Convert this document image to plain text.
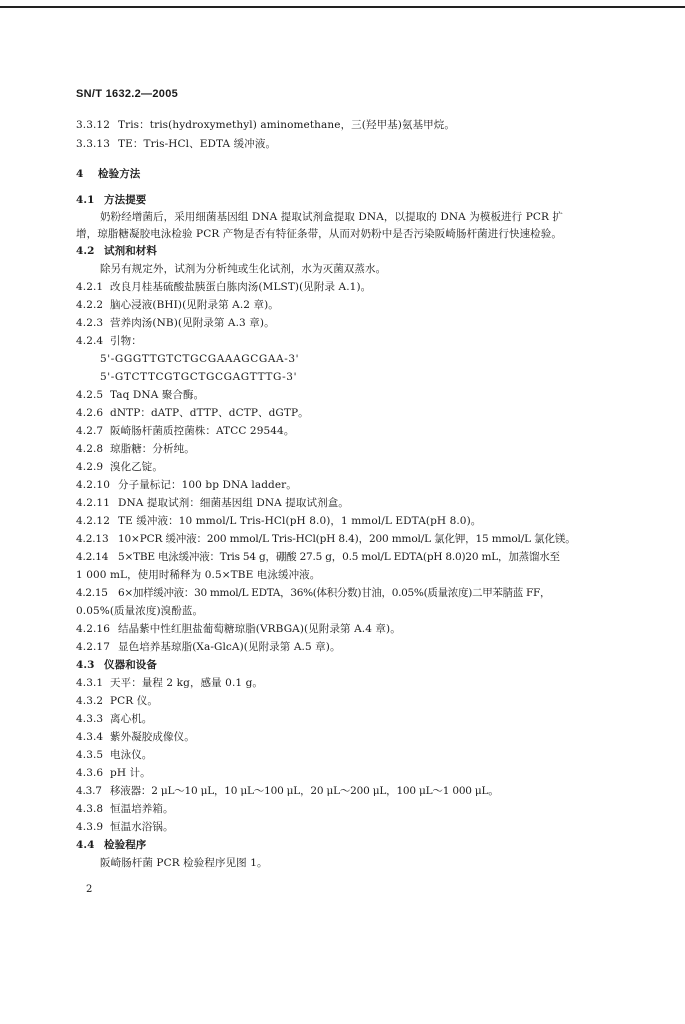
SN/T 1632.2—2005
3.3.12 Tris：tris(hydroxymethyl) aminomethane，三(羟甲基)氨基甲烷。
3.3.13 TE：Tris-HCl、EDTA 缓冲液。
4 检验方法
4.1 方法提要
奶粉经增菌后，采用细菌基因组 DNA 提取试剂盒提取 DNA，以提取的 DNA 为模板进行 PCR 扩
增，琼脂糖凝胶电泳检验 PCR 产物是否有特征条带，从而对奶粉中是否污染阪崎肠杆菌进行快速检验。
4.2 试剂和材料
除另有规定外，试剂为分析纯或生化试剂，水为灭菌双蒸水。
4.2.1 改良月桂基硫酸盐胰蛋白胨肉汤(MLST)(见附录 A.1)。
4.2.2 脑心浸液(BHI)(见附录第 A.2 章)。
4.2.3 营养肉汤(NB)(见附录第 A.3 章)。
4.2.4 引物：
5'-GGGTTGTCTGCGAAAGCGAA-3'
5'-GTCTTCGTGCTGCGAGTTTG-3'
4.2.5 Taq DNA 聚合酶。
4.2.6 dNTP：dATP、dTTP、dCTP、dGTP。
4.2.7 阪崎肠杆菌质控菌株：ATCC 29544。
4.2.8 琼脂糖：分析纯。
4.2.9 溴化乙锭。
4.2.10 分子量标记：100 bp DNA ladder。
4.2.11 DNA 提取试剂：细菌基因组 DNA 提取试剂盒。
4.2.12 TE 缓冲液：10 mmol/L Tris-HCl(pH 8.0)，1 mmol/L EDTA(pH 8.0)。
4.2.13 10×PCR 缓冲液：200 mmol/L Tris-HCl(pH 8.4)，200 mmol/L 氯化钾，15 mmol/L 氯化镁。
4.2.14 5×TBE 电泳缓冲液：Tris 54 g，硼酸 27.5 g，0.5 mol/L EDTA(pH 8.0)20 mL，加蒸馏水至
1 000 mL，使用时稀释为 0.5×TBE 电泳缓冲液。
4.2.15 6×加样缓冲液：30 mmol/L EDTA，36%(体积分数)甘油，0.05%(质量浓度)二甲苯腈蓝 FF，
0.05%(质量浓度)溴酚蓝。
4.2.16 结晶紫中性红胆盐葡萄糖琼脂(VRBGA)(见附录第 A.4 章)。
4.2.17 显色培养基琼脂(Xa-GlcA)(见附录第 A.5 章)。
4.3 仪器和设备
4.3.1 天平：量程 2 kg，感量 0.1 g。
4.3.2 PCR 仪。
4.3.3 离心机。
4.3.4 紫外凝胶成像仪。
4.3.5 电泳仪。
4.3.6 pH 计。
4.3.7 移液器：2 μL～10 μL，10 μL～100 μL，20 μL～200 μL，100 μL～1 000 μL。
4.3.8 恒温培养箱。
4.3.9 恒温水浴锅。
4.4 检验程序
阪崎肠杆菌 PCR 检验程序见图 1。
2
